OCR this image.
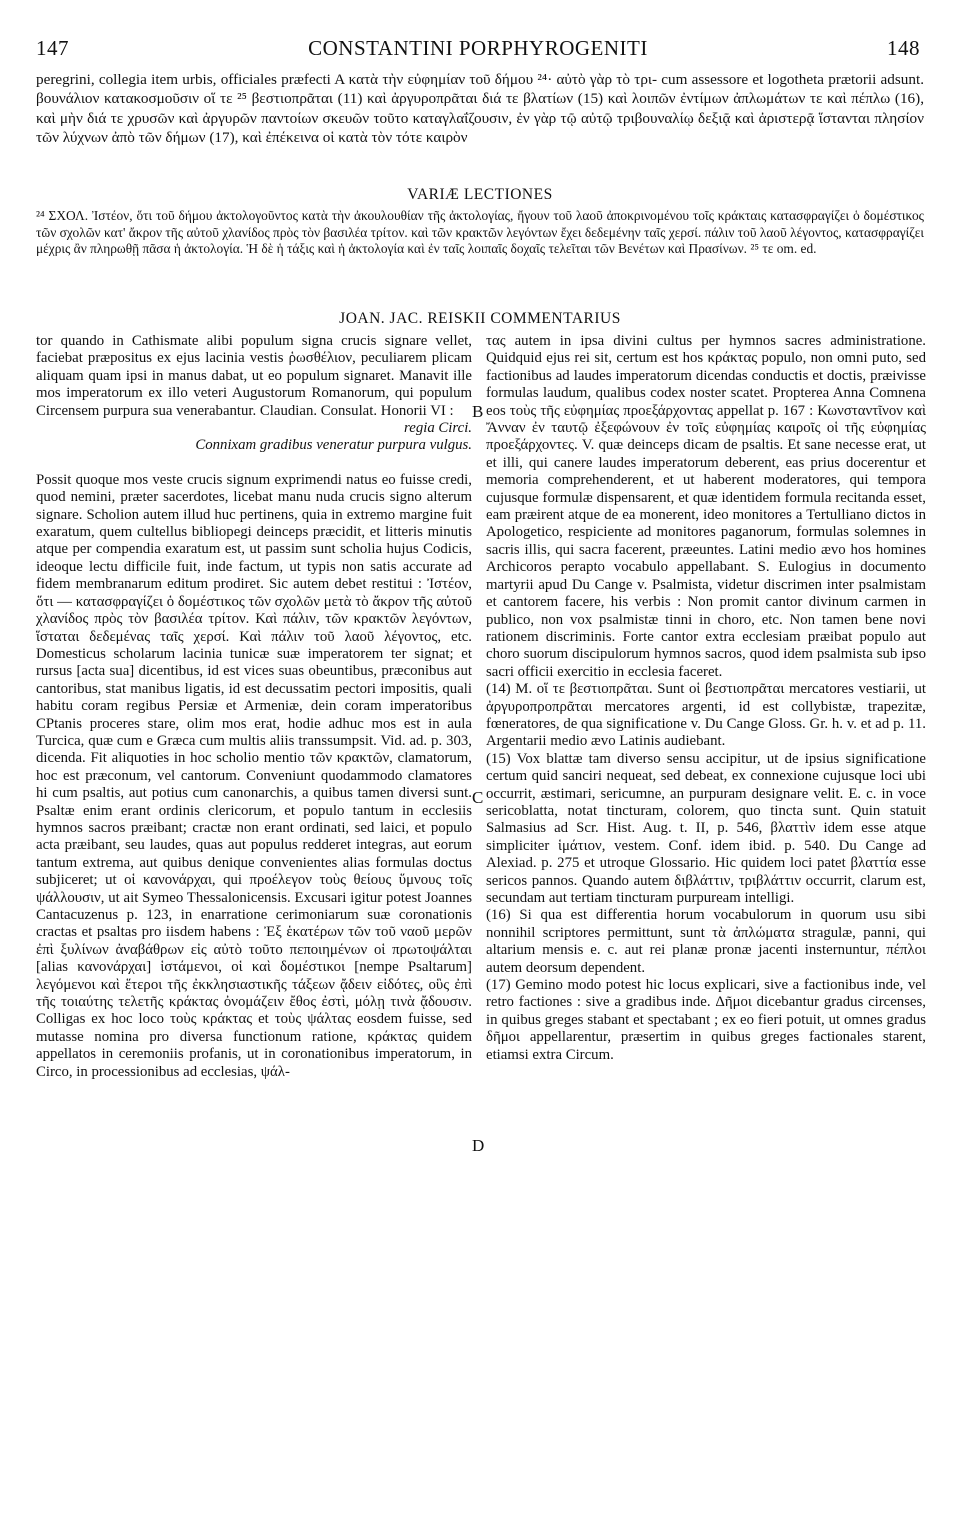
147	CONSTANTINI PORPHYROGENITI	148

peregrini, collegia item urbis, officiales præfecti A κατὰ τὴν εὐφημίαν τοῦ δήμου ²⁴· αὐτὸ γὰρ τὸ τρι- cum assessore et logotheta prætorii adsunt. βουνάλιον κατακοσμοῦσιν οἵ τε ²⁵ βεστιοπρᾶται (11) καὶ ἀργυροπρᾶται διά τε βλατίων (15) καὶ λοιπῶν ἐντίμων ἀπλωμάτων τε καὶ πέπλω (16), καὶ μὴν διά τε χρυσῶν καὶ ἀργυρῶν παντοίων σκευῶν τοῦτο καταγλαΐζουσιν, ἐν γὰρ τῷ αὐτῷ τριβουναλίῳ δεξιᾷ καὶ ἀριστερᾷ ἵστανται πλησίον τῶν λύχνων ἀπὸ τῶν δήμων (17), καὶ ἐπέκεινα οἱ κατὰ τὸν τότε καιρὸν

VARIÆ LECTIONES

²⁴ ΣΧΟΛ. Ἰστέον, ὅτι τοῦ δήμου ἀκτολογοῦντος κατὰ τὴν ἀκουλουθίαν τῆς ἀκτολογίας, ἤγουν τοῦ λαοῦ ἀποκρινομένου τοῖς κράκταις κατασφραγίζει ὁ δομέστικος τῶν σχολῶν κατ' ἄκρον τῆς αὐτοῦ χλανίδος πρὸς τὸν βασιλέα τρίτον. καὶ τῶν κρακτῶν λεγόντων ἔχει δεδεμένην ταῖς χερσί. πάλιν τοῦ λαοῦ λέγοντος, κατασφραγίζει μέχρις ἂν πληρωθῇ πᾶσα ἡ ἀκτολογία. Ἡ δὲ ἡ τάξις καὶ ἡ ἀκτολογία καὶ ἐν ταῖς λοιπαῖς δοχαῖς τελεῖται τῶν Βενέτων καὶ Πρασίνων. ²⁵ τε om. ed.

JOAN. JAC. REISKII COMMENTARIUS

tor quando in Cathismate alibi populum signa crucis signare vellet, faciebat præpositus ex ejus lacinia vestis ῥωσθέλιον, peculiarem plicam aliquam quam ipsi in manus dabat, ut eo populum signaret. Manavit ille mos imperatorum ex illo veteri Augustorum Romanorum, qui populum Circensem purpura sua venerabantur. Claudian. Consulat. Honorii VI :

regia Circi.

Connixam gradibus veneratur purpura vulgus.

Possit quoque mos veste crucis signum exprimendi natus eo fuisse credi, quod nemini, præter sacerdotes, licebat manu nuda crucis signo alterum signare. Scholion autem illud huc pertinens, quia in extremo margine fuit exaratum, quem cultellus bibliopegi deinceps præcidit, et litteris minutis atque per compendia exaratum est, ut passim sunt scholia hujus Codicis, ideoque lectu difficile fuit, inde factum, ut typis non satis accurate ad fidem membranarum editum prodiret. Sic autem debet restitui : Ἰστέον, ὅτι — κατασφραγίζει ὁ δομέστικος τῶν σχολῶν μετὰ τὸ ἄκρον τῆς αὐτοῦ χλανίδος πρὸς τὸν βασιλέα τρίτον. Καὶ πάλιν, τῶν κρακτῶν λεγόντων, ἵσταται δεδεμένας ταῖς χερσί. Καὶ πάλιν τοῦ λαοῦ λέγοντος, etc. Domesticus scholarum laciniа tunicæ suæ imperatorem ter signat; et rursus [acta sua] dicentibus, id est vices suas obeuntibus, præconibus aut cantoribus, stat manibus ligatis, id est decussatim pectori impositis, quali habitu coram regibus Persiæ et Armeniæ, dein coram imperatoribus CPtanis proceres stare, olim mos erat, hodie adhuc mos est in aula Turcica, quæ cum e Græca cum multis aliis transsumpsit. Vid. ad. p. 303, dicenda. Fit aliquoties in hoc scholio mentio τῶν κρακτῶν, clamatorum, hoc est præconum, vel cantorum. Conveniunt quodammodo clamatores hi cum psaltis, aut potius cum canonarchis, a quibus tamen diversi sunt. Psaltæ enim erant ordinis clericorum, et populo tantum in ecclesiis hymnos sacros præibant; cractæ non erant ordinati, sed laici, et populo acta præibant, seu laudes, quas aut populus redderet integras, aut eorum tantum extrema, aut quibus denique convenientes alias formulas doctus subjiceret; ut οἱ κανονάρχαι, qui προέλεγον τοὺς θείους ὕμνους τοῖς ψάλλουσιν, ut ait Symeo Thessalonicensis. Excusari igitur potest Joannes Cantacuzenus p. 123, in enarratione cerimoniarum suæ coronationis cractas et psaltas pro iisdem habens : Ἐξ ἑκατέρων τῶν τοῦ ναοῦ μερῶν ἐπὶ ξυλίνων ἀναβάθρων εἰς αὐτὸ τοῦτο πεποιημένων οἱ πρωτοψάλται [alias κανονάρχαι] ἱστάμενοι, οἱ καὶ δομέστικοι [nempe Psaltarum] λεγόμενοι καὶ ἕτεροι τῆς ἐκκλησιαστικῆς τάξεων ᾄδειν εἰδότες, οὓς ἐπὶ τῆς τοιαύτης τελετῆς κράκτας ὀνομάζειν ἔθος ἐστὶ, μόλῃ τινὰ ᾄδουσιν. Colligas ex hoc loco τοὺς κράκτας et τοὺς ψάλτας eosdem fuisse, sed mutasse nomina pro diversa functionum ratione, κράκτας quidem appellatos in ceremoniis profanis, ut in coronationibus imperatorum, in Circo, in processionibus ad ecclesias, ψάλ-

τας autem in ipsa divini cultus per hymnos sacres administratione. Quidquid ejus rei sit, certum est hos κράκτας populo, non omni puto, sed factionibus ad laudes imperatorum dicendas conductis et doctis, præivisse formulas laudum, qualibus codex noster scatet. Propterea Anna Comnena eos τοὺς τῆς εὐφημίας προεξάρχοντας appellat p. 167 : Κωνσταντῖνον καὶ Ἄνναν ἐν ταυτῷ ἐξεφώνουν ἐν τοῖς εὐφημίας καιροῖς οἱ τῆς εὐφημίας προεξάρχοντες. V. quæ deinceps dicam de psaltis. Et sane necesse erat, ut et illi, qui canere laudes imperatorum deberent, eas prius docerentur et memoria comprehenderent, et ut haberent moderatores, qui tempora cujusque formulæ dispensarent, et quæ identidem formula recitanda esset, eam præirent atque de ea monerent, ideo monitores a Tertulliano dictos in Apologetico, respiciente ad monitores paganorum, formulas solemnes in sacris illis, qui sacra facerent, præeuntes. Latini medio ævo hos homines Archicoros perapto vocabulo appellabant. S. Eulogius in documento martyrii apud Du Cange v. Psalmista, videtur discrimen inter psalmistam et cantorem facere, his verbis : Non promit cantor divinum carmen in publico, non vox psalmistæ tinni in choro, etc. Non tamen bene novi rationem discriminis. Forte cantor extra ecclesiam præibat populo aut choro suorum discipulorum hymnos sacros, quod idem psalmista sub ipso sacri officii exercitio in ecclesia faceret.

(14) M. οἵ τε βεστιοπρᾶται. Sunt οἱ βεστιοπρᾶται mercatores vestiarii, ut ἀργυροπροπρᾶται mercatores argenti, id est collybistæ, trapezitæ, fœneratores, de qua significatione v. Du Cange Gloss. Gr. h. v. et ad p. 11. Argentarii medio ævo Latinis audiebant.

(15) Vox blattæ tam diverso sensu accipitur, ut de ipsius significatione certum quid sanciri nequeat, sed debeat, ex connexione cujusque loci ubi occurrit, æstimari, sericumne, an purpuram designare velit. E. c. in voce sericoblatta, notat tincturam, colorem, quo tincta sunt. Quin statuit Salmasius ad Scr. Hist. Aug. t. II, p. 546, βλαττὶν idem esse atque simpliciter ἱμάτιον, vestem. Conf. idem ibid. p. 540. Du Cange ad Alexiad. p. 275 et utroque Glossario. Hic quidem loci patet βλαττία esse sericos pannos. Quando autem διβλάττιν, τριβλάττιν occurrit, clarum est, secundam aut tertiam tincturam purpuream intelligi.

(16) Si qua est differentia horum vocabulorum in quorum usu sibi nonnihil scriptores permittunt, sunt τὰ ἀπλώματα stragulæ, panni, qui altarium mensis e. c. aut rei planæ pronæ jacenti insternuntur, πέπλοι autem deorsum dependent.

(17) Gemino modo potest hic locus explicari, sive a factionibus inde, vel retro factiones : sive a gradibus inde. Δῆμοι dicebantur gradus circenses, in quibus greges stabant et spectabant ; ex eo fieri potuit, ut omnes gradus δῆμοι appellarentur, præsertim in quibus greges factionales starent, etiamsi extra Circum.

B
C
D
